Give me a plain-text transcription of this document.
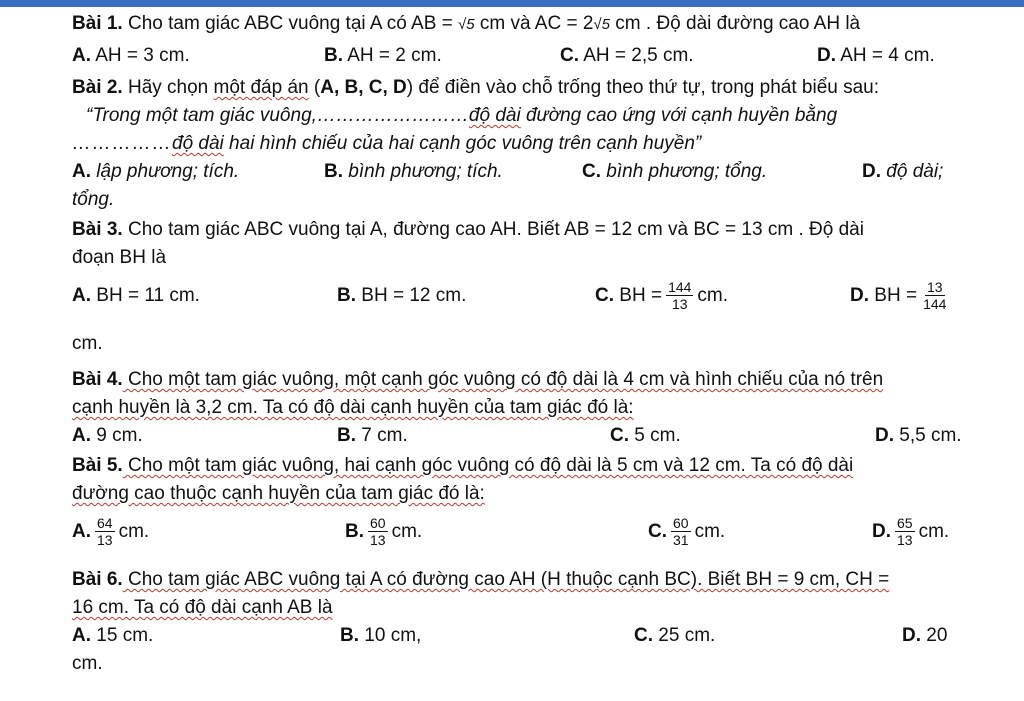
Bài 1. Cho tam giác ABC vuông tại A có AB = √5 cm và AC = 2√5 cm . Độ dài đường cao AH là
A. AH = 3 cm.	B. AH = 2 cm.	C. AH = 2,5 cm.	D. AH = 4 cm.
Bài 2. Hãy chọn một đáp án (A, B, C, D) để điền vào chỗ trống theo thứ tự, trong phát biểu sau:
“Trong một tam giác vuông,……………………độ dài đường cao ứng với cạnh huyền bằng
……………độ dài hai hình chiếu của hai cạnh góc vuông trên cạnh huyền”
A. lập phương; tích.	B. bình phương; tích.	C. bình phương; tổng.	D. độ dài;
tổng.
Bài 3. Cho tam giác ABC vuông tại A, đường cao AH. Biết AB = 12 cm và BC = 13 cm . Độ dài
đoạn BH là
A. BH = 11 cm.	B. BH = 12 cm.	C. BH = $\frac{144}{13}$ cm.	D. BH = $\frac{13}{144}$
cm.
Bài 4. Cho một tam giác vuông, một cạnh góc vuông có độ dài là 4 cm và hình chiếu của nó trên
cạnh huyền là 3,2 cm. Ta có độ dài cạnh huyền của tam giác đó là:
A. 9 cm.	B. 7 cm.	C. 5 cm.	D. 5,5 cm.
Bài 5. Cho một tam giác vuông, hai cạnh góc vuông có độ dài là 5 cm và 12 cm. Ta có độ dài
đường cao thuộc cạnh huyền của tam giác đó là:
A. $\frac{64}{13}$ cm.	B. $\frac{60}{13}$ cm.	C. $\frac{60}{31}$ cm.	D. $\frac{65}{13}$ cm.
Bài 6. Cho tam giác ABC vuông tại A có đường cao AH (H thuộc cạnh BC). Biết BH = 9 cm, CH =
16 cm. Ta có độ dài cạnh AB là
A. 15 cm.	B. 10 cm,	C. 25 cm.	D. 20
cm.
